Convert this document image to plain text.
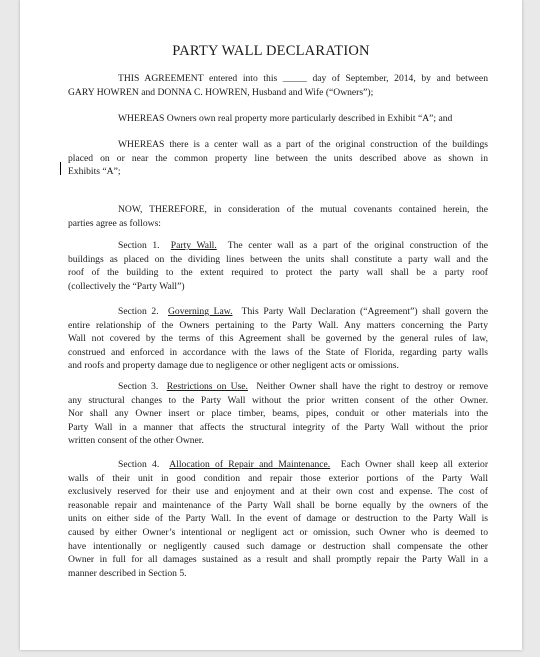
PARTY WALL DECLARATION
THIS AGREEMENT entered into this _____ day of September, 2014, by and between
GARY HOWREN and DONNA C. HOWREN, Husband and Wife (“Owners”);
WHEREAS Owners own real property more particularly described in Exhibit “A”; and
WHEREAS there is a center wall as a part of the original construction of the buildings
placed on or near the common property line between the units described above as shown in
Exhibits “A”;
NOW, THEREFORE, in consideration of the mutual covenants contained herein, the
parties agree as follows:
Section 1. Party Wall. The center wall as a part of the original construction of the
buildings as placed on the dividing lines between the units shall constitute a party wall and the
roof of the building to the extent required to protect the party wall shall be a party roof
(collectively the “Party Wall”)
Section 2. Governing Law. This Party Wall Declaration (“Agreement”) shall govern the
entire relationship of the Owners pertaining to the Party Wall. Any matters concerning the Party
Wall not covered by the terms of this Agreement shall be governed by the general rules of law,
construed and enforced in accordance with the laws of the State of Florida, regarding party walls
and roofs and property damage due to negligence or other negligent acts or omissions.
Section 3. Restrictions on Use. Neither Owner shall have the right to destroy or remove
any structural changes to the Party Wall without the prior written consent of the other Owner.
Nor shall any Owner insert or place timber, beams, pipes, conduit or other materials into the
Party Wall in a manner that affects the structural integrity of the Party Wall without the prior
written consent of the other Owner.
Section 4. Allocation of Repair and Maintenance. Each Owner shall keep all exterior
walls of their unit in good condition and repair those exterior portions of the Party Wall
exclusively reserved for their use and enjoyment and at their own cost and expense. The cost of
reasonable repair and maintenance of the Party Wall shall be borne equally by the owners of the
units on either side of the Party Wall. In the event of damage or destruction to the Party Wall is
caused by either Owner’s intentional or negligent act or omission, such Owner who is deemed to
have intentionally or negligently caused such damage or destruction shall compensate the other
Owner in full for all damages sustained as a result and shall promptly repair the Party Wall in a
manner described in Section 5.
